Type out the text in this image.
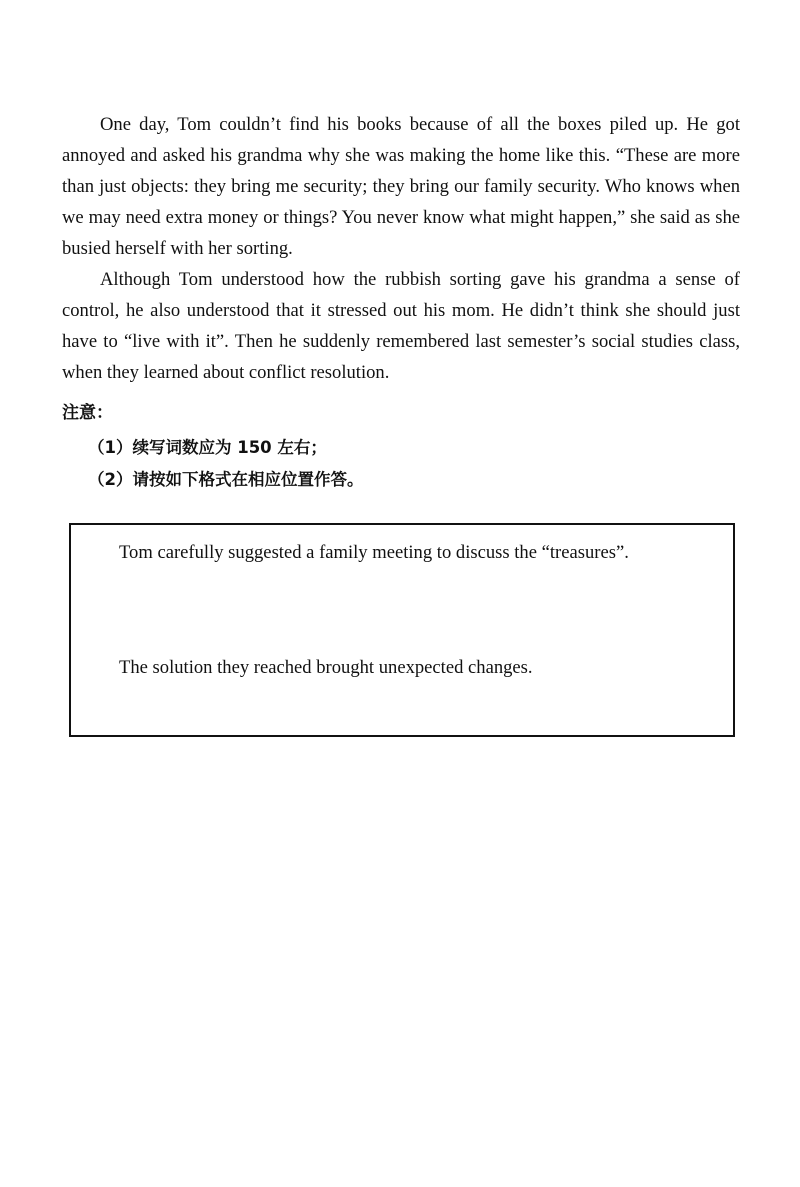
One day, Tom couldn’t find his books because of all the boxes piled up. He got annoyed and asked his grandma why she was making the home like this. “These are more than just objects: they bring me security; they bring our family security. Who knows when we may need extra money or things? You never know what might happen,” she said as she busied herself with her sorting.

Although Tom understood how the rubbish sorting gave his grandma a sense of control, he also understood that it stressed out his mom. He didn’t think she should just have to “live with it”. Then he suddenly remembered last semester’s social studies class, when they learned about conflict resolution.

注意：
（1）续写词数应为 150 左右；
（2）请按如下格式在相应位置作答。

Tom carefully suggested a family meeting to discuss the “treasures”.

The solution they reached brought unexpected changes.
